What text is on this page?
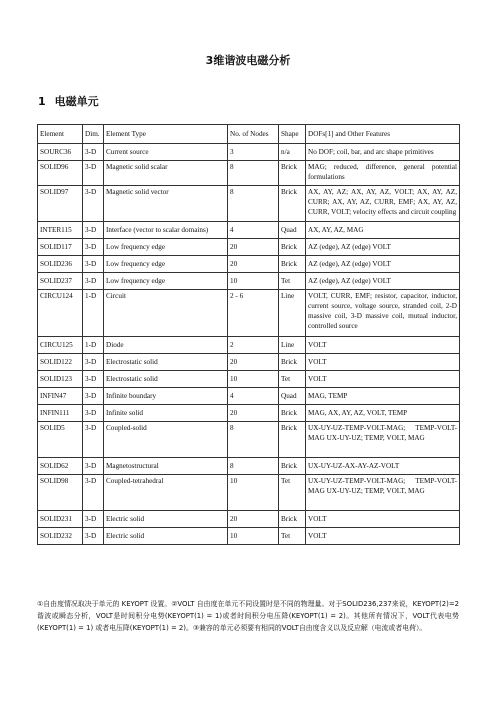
3维谐波电磁分析
1 电磁单元
Element	Dim.	Element Type	No. of Nodes	Shape	DOFs[1] and Other Features
SOURC36	3-D	Current source	3	n/a	No DOF; coil, bar, and arc shape primitives
SOLID96	3-D	Magnetic solid scalar	8	Brick	MAG; reduced, difference, general potential formulations
SOLID97	3-D	Magnetic solid vector	8	Brick	AX, AY, AZ; AX, AY, AZ, VOLT; AX, AY, AZ, CURR; AX, AY, AZ, CURR, EMF; AX, AY, AZ, CURR, VOLT; velocity effects and circuit coupling
INTER115	3-D	Interface (vector to scalar domains)	4	Quad	AX, AY, AZ, MAG
SOLID117	3-D	Low frequency edge	20	Brick	AZ (edge), AZ (edge) VOLT
SOLID236	3-D	Low frequency edge	20	Brick	AZ (edge), AZ (edge) VOLT
SOLID237	3-D	Low frequency edge	10	Tet	AZ (edge), AZ (edge) VOLT
CIRCU124	1-D	Circuit	2 - 6	Line	VOLT, CURR, EMF; resistor, capacitor, inductor, current source, voltage source, stranded coil, 2-D massive coil, 3-D massive coil, mutual inductor, controlled source
CIRCU125	1-D	Diode	2	Line	VOLT
SOLID122	3-D	Electrostatic solid	20	Brick	VOLT
SOLID123	3-D	Electrostatic solid	10	Tet	VOLT
INFIN47	3-D	Infinite boundary	4	Quad	MAG, TEMP
INFIN111	3-D	Infinite solid	20	Brick	MAG, AX, AY, AZ, VOLT, TEMP
SOLID5	3-D	Coupled-solid	8	Brick	UX-UY-UZ-TEMP-VOLT-MAG; TEMP-VOLT-MAG UX-UY-UZ; TEMP, VOLT, MAG
SOLID62	3-D	Magnetostructural	8	Brick	UX-UY-UZ-AX-AY-AZ-VOLT
SOLID98	3-D	Coupled-tetrahedral	10	Tet	UX-UY-UZ-TEMP-VOLT-MAG; TEMP-VOLT-MAG UX-UY-UZ; TEMP, VOLT, MAG
SOLID231	3-D	Electric solid	20	Brick	VOLT
SOLID232	3-D	Electric solid	10	Tet	VOLT
①自由度情况取决于单元的 KEYOPT 设置。②VOLT 自由度在单元不同设置时是不同的物理量。对于SOLID236,237来说，KEYOPT(2)=2谐波或瞬态分析，VOLT是时间积分电势(KEYOPT(1) = 1)或者时间积分电压降(KEYOPT(1) = 2)。其他所有情况下，VOLT代表电势(KEYOPT(1) = 1) 或者电压降(KEYOPT(1) = 2)。③兼容的单元必须要有相同的VOLT自由度含义以及反应解（电流或者电荷）。
